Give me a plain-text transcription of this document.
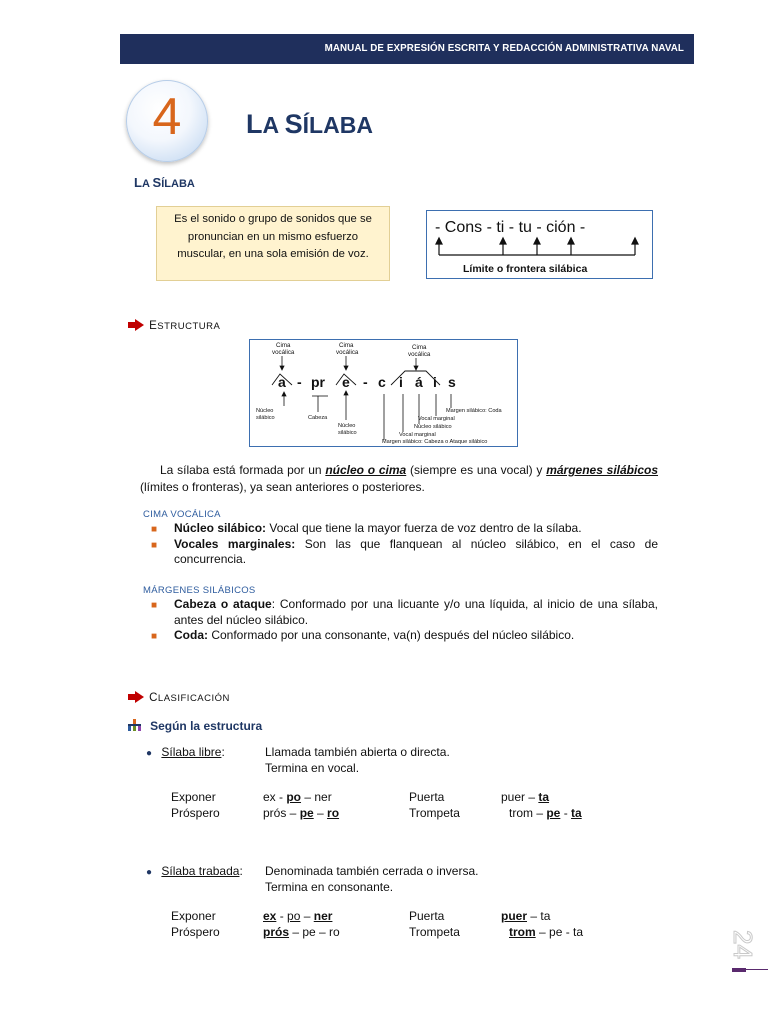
MANUAL DE EXPRESIÓN ESCRITA Y REDACCIÓN ADMINISTRATIVA NAVAL
4	LA SÍLABA
LA SÍLABA
Es el sonido o grupo de sonidos que se pronuncian en un mismo esfuerzo muscular, en una sola emisión de voz.
- Cons - ti - tu - ción -
Límite o frontera silábica
ESTRUCTURA
Cima
vocálica
Cima
vocálica
Cima
vocálica
a - pr e - c i á i s
Núcleo
silábico	Cabeza
Núcleo
silábico
Margen silábico: Coda
Vocal marginal
Núcleo silábico
Vocal marginal
Margen silábico: Cabeza o Ataque silábico

La sílaba está formada por un núcleo o cima (siempre es una vocal) y márgenes silábicos (límites o fronteras), ya sean anteriores o posteriores.

CIMA VOCÁLICA
■ Núcleo silábico: Vocal que tiene la mayor fuerza de voz dentro de la sílaba.
■ Vocales marginales: Son las que flanquean al núcleo silábico, en el caso de concurrencia.
MÁRGENES SILÁBICOS
■ Cabeza o ataque: Conformado por una licuante y/o una líquida, al inicio de una sílaba, antes del núcleo silábico.
■ Coda: Conformado por una consonante, va(n) después del núcleo silábico.
CLASIFICACIÓN
Según la estructura
● Sílaba libre:	Llamada también abierta o directa.
Termina en vocal.
Exponer	ex - po – ner	Puerta	puer – ta
Próspero	prós – pe – ro	Trompeta	trom – pe - ta
● Sílaba trabada: Denominada también cerrada o inversa.
Termina en consonante.
Exponer	ex - po – ner	Puerta	puer – ta
Próspero	prós – pe – ro	Trompeta	trom – pe - ta	24
